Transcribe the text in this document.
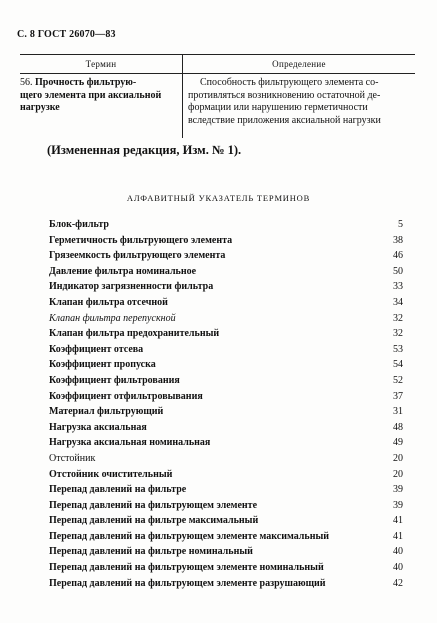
С. 8 ГОСТ 26070—83
Термин	Определение
56. Прочность фильтрую-
щего элемента при аксиальной
нагрузке
Способность фильтрующего элемента со-
противляться возникновению остаточной де-
формации или нарушению герметичности
вследствие приложения аксиальной нагрузки
(Измененная редакция, Изм. № 1).
АЛФАВИТНЫЙ УКАЗАТЕЛЬ ТЕРМИНОВ
Блок-фильтр	5
Герметичность фильтрующего элемента	38
Грязеемкость фильтрующего элемента	46
Давление фильтра номинальное	50
Индикатор загрязненности фильтра	33
Клапан фильтра отсечной	34
Клапан фильтра перепускной	32
Клапан фильтра предохранительный	32
Коэффициент отсева	53
Коэффициент пропуска	54
Коэффициент фильтрования	52
Коэффициент отфильтровывания	37
Материал фильтрующий	31
Нагрузка аксиальная	48
Нагрузка аксиальная номинальная	49
Отстойник	20
Отстойник очистительный	20
Перепад давлений на фильтре	39
Перепад давлений на фильтрующем элементе	39
Перепад давлений на фильтре максимальный	41
Перепад давлений на фильтрующем элементе максимальный	41
Перепад давлений на фильтре номинальный	40
Перепад давлений на фильтрующем элементе номинальный	40
Перепад давлений на фильтрующем элементе разрушающий	42
